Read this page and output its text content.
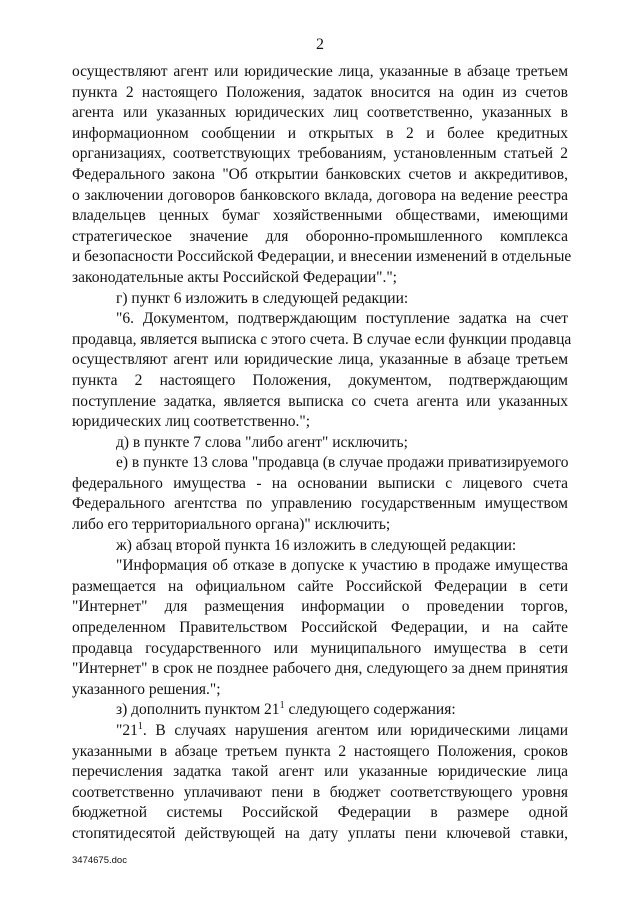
2
осуществляют агент или юридические лица, указанные в абзаце третьем
пункта 2 настоящего Положения, задаток вносится на один из счетов
агента или указанных юридических лиц соответственно, указанных в
информационном сообщении и открытых в 2 и более кредитных
организациях, соответствующих требованиям, установленным статьей 2
Федерального закона "Об открытии банковских счетов и аккредитивов,
о заключении договоров банковского вклада, договора на ведение реестра
владельцев ценных бумаг хозяйственными обществами, имеющими
стратегическое значение для оборонно-промышленного комплекса
и безопасности Российской Федерации, и внесении изменений в отдельные
законодательные акты Российской Федерации".";
г) пункт 6 изложить в следующей редакции:
"6. Документом, подтверждающим поступление задатка на счет
продавца, является выписка с этого счета. В случае если функции продавца
осуществляют агент или юридические лица, указанные в абзаце третьем
пункта 2 настоящего Положения, документом, подтверждающим
поступление задатка, является выписка со счета агента или указанных
юридических лиц соответственно.";
д) в пункте 7 слова "либо агент" исключить;
е) в пункте 13 слова "продавца (в случае продажи приватизируемого
федерального имущества - на основании выписки с лицевого счета
Федерального агентства по управлению государственным имуществом
либо его территориального органа)" исключить;
ж) абзац второй пункта 16 изложить в следующей редакции:
"Информация об отказе в допуске к участию в продаже имущества
размещается на официальном сайте Российской Федерации в сети
"Интернет" для размещения информации о проведении торгов,
определенном Правительством Российской Федерации, и на сайте
продавца государственного или муниципального имущества в сети
"Интернет" в срок не позднее рабочего дня, следующего за днем принятия
указанного решения.";
з) дополнить пунктом $21^1$ следующего содержания:
"$21^1$. В случаях нарушения агентом или юридическими лицами
указанными в абзаце третьем пункта 2 настоящего Положения, сроков
перечисления задатка такой агент или указанные юридические лица
соответственно уплачивают пени в бюджет соответствующего уровня
бюджетной системы Российской Федерации в размере одной
стопятидесятой действующей на дату уплаты пени ключевой ставки,
3474675.doc
